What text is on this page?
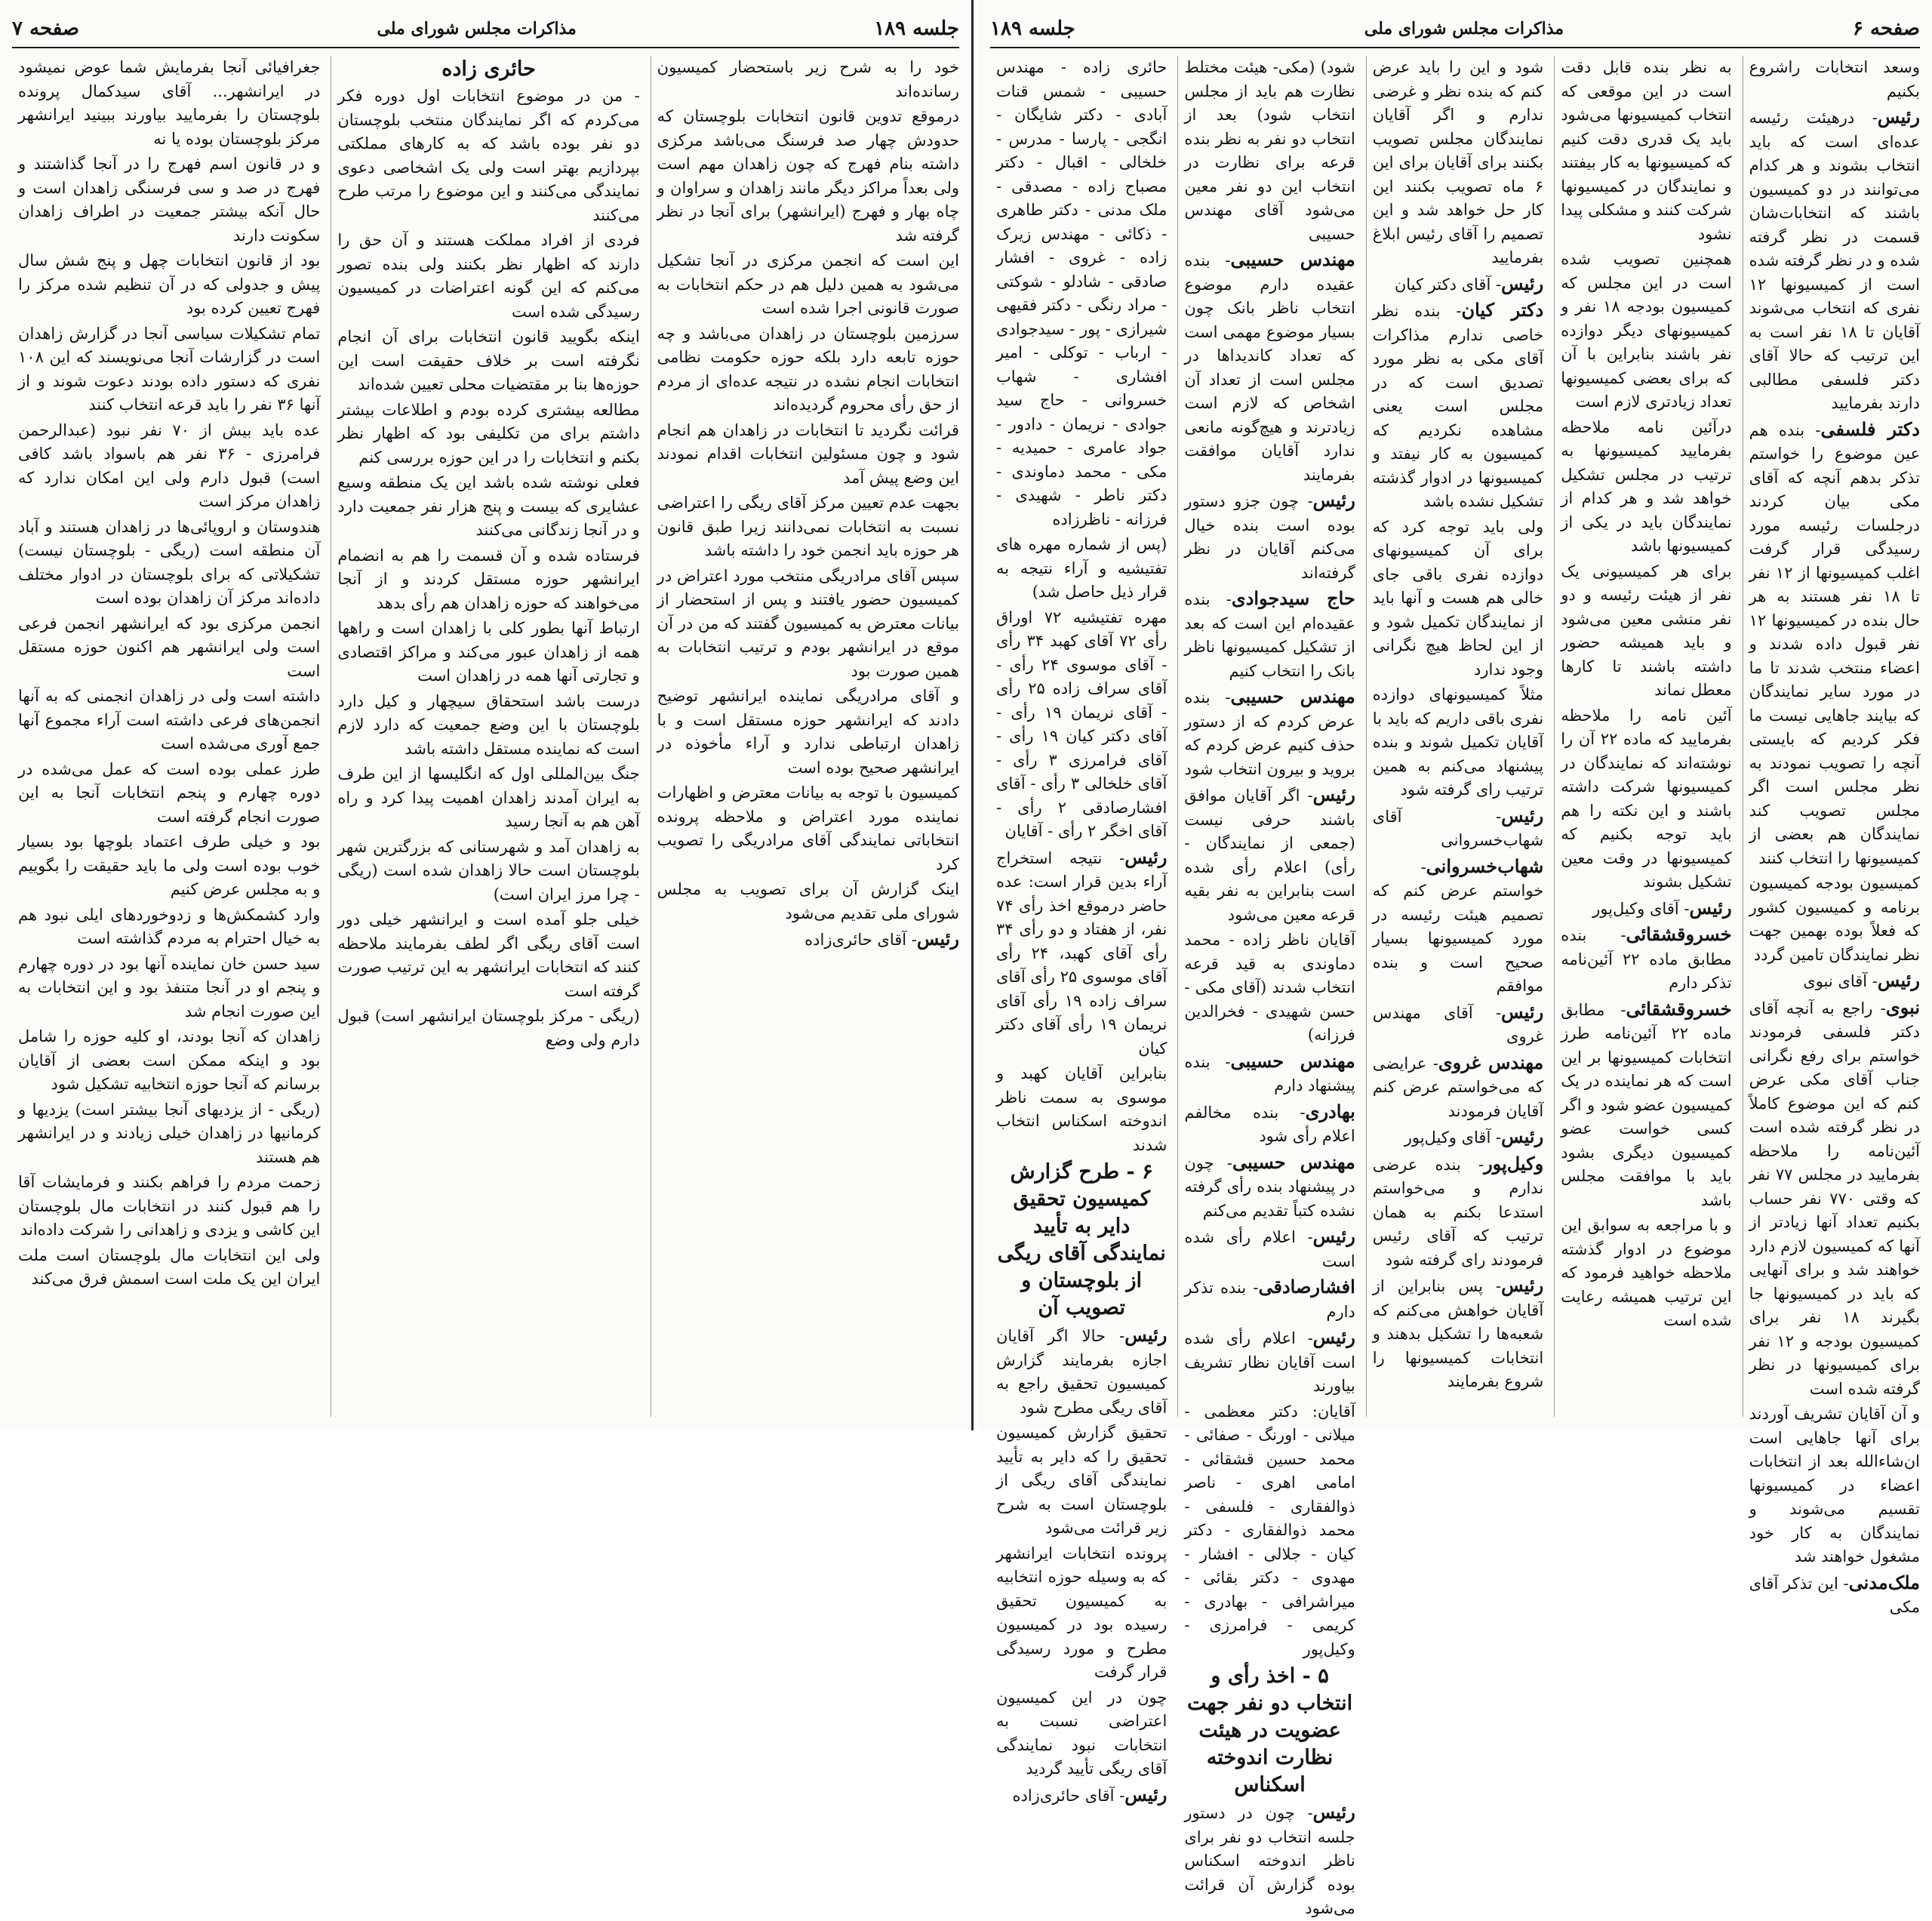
صفحه ۶
مذاکرات مجلس شورای ملی
جلسه ۱۸۹

وسعد انتخابات راشروع بکنیم

رئیس- درهیئت رئیسه عده‌ای است که باید انتخاب بشوند و هر کدام می‌توانند در دو کمیسیون باشند که انتخابات‌شان قسمت در نظر گرفته شده و در نظر گرفته شده است از کمیسیونها ۱۲ نفری که انتخاب می‌شوند آقایان تا ۱۸ نفر است به این ترتیب که حالا آقای دکتر فلسفی مطالبی دارند بفرمایید

دکتر فلسفی- بنده هم عین موضوع را خواستم تذکر بدهم آنچه که آقای مکی بیان کردند درجلسات رئیسه مورد رسیدگی قرار گرفت اغلب کمیسیونها از ۱۲ نفر تا ۱۸ نفر هستند به هر حال بنده در کمیسیونها ۱۲ نفر قبول داده شدند و اعضاء منتخب شدند تا ما در مورد سایر نمایندگان که بیایند جاهایی نیست ما فکر کردیم که بایستی آنچه را تصویب نمودند به نظر مجلس است اگر مجلس تصویب کند نمایندگان هم بعضی از کمیسیونها را انتخاب کنند

کمیسیون بودجه کمیسیون برنامه و کمیسیون کشور که فعلاً بوده بهمین جهت نظر نمایندگان تامین گردد

رئیس- آقای نبوی

نبوی- راجع به آنچه آقای دکتر فلسفی فرمودند خواستم برای رفع نگرانی جناب آقای مکی عرض کنم که این موضوع کاملاً در نظر گرفته شده است آئین‌نامه را ملاحظه بفرمایید در مجلس ۷۷ نفر که وقتی ۷۷۰ نفر حساب بکنیم تعداد آنها زیادتر از آنها که کمیسیون لازم دارد خواهند شد و برای آنهایی که باید در کمیسیونها جا بگیرند ۱۸ نفر برای کمیسیون بودجه و ۱۲ نفر برای کمیسیونها در نظر گرفته شده است

و آن آقایان تشریف آوردند برای آنها جاهایی است ان‌شاءالله بعد از انتخابات اعضاء در کمیسیونها تقسیم می‌شوند و نمایندگان به کار خود مشغول خواهند شد

ملک‌مدنی- این تذکر آقای مکی

به نظر بنده قابل دقت است در این موقعی که انتخاب کمیسیونها می‌شود باید یک قدری دقت کنیم که کمیسیونها به کار بیفتند و نمایندگان در کمیسیونها شرکت کنند و مشکلی پیدا نشود

همچنین تصویب شده است در این مجلس که کمیسیون بودجه ۱۸ نفر و کمیسیونهای دیگر دوازده نفر باشند بنابراین با آن که برای بعضی کمیسیونها تعداد زیادتری لازم است

درآئین نامه ملاحظه بفرمایید کمیسیونها به ترتیب در مجلس تشکیل خواهد شد و هر کدام از نمایندگان باید در یکی از کمیسیونها باشد

برای هر کمیسیونی یک نفر از هیئت رئیسه و دو نفر منشی معین می‌شود و باید همیشه حضور داشته باشند تا کارها معطل نماند

آئین نامه را ملاحظه بفرمایید که ماده ۲۲ آن را نوشته‌اند که نمایندگان در کمیسیونها شرکت داشته باشند و این نکته را هم باید توجه بکنیم که کمیسیونها در وقت معین تشکیل بشوند

رئیس- آقای وکیل‌پور

خسروقشقائی- بنده مطابق ماده ۲۲ آئین‌نامه تذکر دارم

خسروقشقائی- مطابق ماده ۲۲ آئین‌نامه طرز انتخابات کمیسیونها بر این است که هر نماینده در یک کمیسیون عضو شود و اگر کسی خواست عضو کمیسیون دیگری بشود باید با موافقت مجلس باشد

و با مراجعه به سوابق این موضوع در ادوار گذشته ملاحظه خواهید فرمود که این ترتیب همیشه رعایت شده است

شود و این را باید عرض کنم که بنده نظر و غرضی ندارم و اگر آقایان نمایندگان مجلس تصویب بکنند برای آقایان برای این ۶ ماه تصویب بکنند این کار حل خواهد شد و این تصمیم را آقای رئیس ابلاغ بفرمایید

رئیس- آقای دکتر کیان

دکتر کیان- بنده نظر خاصی ندارم مذاکرات آقای مکی به نظر مورد تصدیق است که در مجلس است یعنی مشاهده نکردیم که کمیسیون به کار نیفتد و کمیسیونها در ادوار گذشته تشکیل نشده باشد

ولی باید توجه کرد که برای آن کمیسیونهای دوازده نفری باقی جای خالی هم هست و آنها باید از نمایندگان تکمیل شود و از این لحاظ هیچ نگرانی وجود ندارد

مثلاً کمیسیونهای دوازده نفری باقی داریم که باید با آقایان تکمیل شوند و بنده پیشنهاد می‌کنم به همین ترتیب رای گرفته شود

رئیس- آقای شهاب‌خسروانی

شهاب‌خسروانی- خواستم عرض کنم که تصمیم هیئت رئیسه در مورد کمیسیونها بسیار صحیح است و بنده موافقم

رئیس- آقای مهندس غروی

مهندس غروی- عرایضی که می‌خواستم عرض کنم آقایان فرمودند

رئیس- آقای وکیل‌پور

وکیل‌پور- بنده عرضی ندارم و می‌خواستم استدعا بکنم به همان ترتیب که آقای رئیس فرمودند رای گرفته شود

رئیس- پس بنابراین از آقایان خواهش می‌کنم که شعبه‌ها را تشکیل بدهند و انتخابات کمیسیونها را شروع بفرمایند

شود) (مکی- هیئت مختلط نظارت هم باید از مجلس انتخاب شود) بعد از انتخاب دو نفر به نظر بنده قرعه برای نظارت در انتخاب این دو نفر معین می‌شود آقای مهندس حسیبی

مهندس حسیبی- بنده عقیده دارم موضوع انتخاب ناظر بانک چون بسیار موضوع مهمی است که تعداد کاندیداها در مجلس است از تعداد آن اشخاص که لازم است زیادترند و هیچ‌گونه مانعی ندارد آقایان موافقت بفرمایند

رئیس- چون جزو دستور بوده است بنده خیال می‌کنم آقایان در نظر گرفته‌اند

حاج سیدجوادی- بنده عقیده‌ام این است که بعد از تشکیل کمیسیونها ناظر بانک را انتخاب کنیم

مهندس حسیبی- بنده عرض کردم که از دستور حذف کنیم عرض کردم که بروید و بیرون انتخاب شود

رئیس- اگر آقایان موافق باشند حرفی نیست (جمعی از نمایندگان - رأی) اعلام رأی شده است بنابراین به نفر بقیه قرعه معین می‌شود

آقایان ناظر زاده - محمد دماوندی به قید قرعه انتخاب شدند (آقای مکی - حسن شهیدی - فخرالدین فرزانه)

مهندس حسیبی- بنده پیشنهاد دارم

بهادری- بنده مخالفم اعلام رأی شود

مهندس حسیبی- چون در پیشنهاد بنده رأی گرفته نشده کتباً تقدیم می‌کنم

رئیس- اعلام رأی شده است

افشارصادقی- بنده تذکر دارم

رئیس- اعلام رأی شده است آقایان نظار تشریف بیاورند

آقایان: دکتر معظمی - میلانی - اورنگ - صفائی - محمد حسین قشقائی - امامی اهری - ناصر ذوالفقاری - فلسفی - محمد ذوالفقاری - دکتر کیان - جلالی - افشار - مهدوی - دکتر بقائی - میراشرافی - بهادری - کریمی - فرامرزی - وکیل‌پور

۵ - اخذ رأی و انتخاب دو نفر جهت عضویت در هیئت نظارت اندوخته اسکناس

رئیس- چون در دستور جلسه انتخاب دو نفر برای ناظر اندوخته اسکناس بوده گزارش آن قرائت می‌شود

حائری زاده - مهندس حسیبی - شمس قنات آبادی - دکتر شایگان - انگجی - پارسا - مدرس - خلخالی - اقبال - دکتر مصباح زاده - مصدقی - ملک مدنی - دکتر طاهری - ذکائی - مهندس زیرک زاده - غروی - افشار صادقی - شادلو - شوکتی - مراد رنگی - دکتر فقیهی شیرازی - پور - سیدجوادی - ارباب - توکلی - امیر افشاری - شهاب خسروانی - حاج سید جوادی - نریمان - دادور - جواد عامری - حمیدیه - مکی - محمد دماوندی - دکتر ناطر - شهیدی - فرزانه - ناظرزاده

(پس از شماره مهره های تفتیشیه و آراء نتیجه به قرار ذیل حاصل شد)

مهره تفتیشیه ۷۲ اوراق رأی ۷۲ آقای کهبد ۳۴ رأی - آقای موسوی ۲۴ رأی - آقای سراف زاده ۲۵ رأی - آقای نریمان ۱۹ رأی - آقای دکتر کیان ۱۹ رأی - آقای فرامرزی ۳ رأی - آقای خلخالی ۳ رأی - آقای افشارصادقی ۲ رأی - آقای اخگر ۲ رأی - آقایان

رئیس- نتیجه استخراج آراء بدین قرار است: عده حاضر درموقع اخذ رأی ۷۴ نفر، از هفتاد و دو رأی ۳۴ رأی آقای کهبد، ۲۴ رأی آقای موسوی ۲۵ رأی آقای سراف زاده ۱۹ رأی آقای نریمان ۱۹ رأی آقای دکتر کیان

بنابراین آقایان کهبد و موسوی به سمت ناظر اندوخته اسکناس انتخاب شدند

۶ - طرح گزارش کمیسیون تحقیق دایر به تأیید نمایندگی آقای ریگی از بلوچستان و تصویب آن

رئیس- حالا اگر آقایان اجازه بفرمایند گزارش کمیسیون تحقیق راجع به آقای ریگی مطرح شود

تحقیق گزارش کمیسیون تحقیق را که دایر به تأیید نمایندگی آقای ریگی از بلوچستان است به شرح زیر قرائت می‌شود

پرونده انتخابات ایرانشهر که به وسیله حوزه انتخابیه به کمیسیون تحقیق رسیده بود در کمیسیون مطرح و مورد رسیدگی قرار گرفت

چون در این کمیسیون اعتراضی نسبت به انتخابات نبود نمایندگی آقای ریگی تأیید گردید

رئیس- آقای حائری‌زاده

جلسه ۱۸۹
مذاکرات مجلس شورای ملی
صفحه ۷

خود را به شرح زیر باستحضار کمیسیون رسانده‌اند

درموقع تدوین قانون انتخابات بلوچستان که حدودش چهار صد فرسنگ می‌باشد مرکزی داشته بنام فهرج که چون زاهدان مهم است ولی بعداً مراکز دیگر مانند زاهدان و سراوان و چاه بهار و فهرج (ایرانشهر) برای آنجا در نظر گرفته شد

این است که انجمن مرکزی در آنجا تشکیل می‌شود به همین دلیل هم در حکم انتخابات به صورت قانونی اجرا شده است

سرزمین بلوچستان در زاهدان می‌باشد و چه حوزه تابعه دارد بلکه حوزه حکومت نظامی انتخابات انجام نشده در نتیجه عده‌ای از مردم از حق رأی محروم گردیده‌اند

قرائت نگردید تا انتخابات در زاهدان هم انجام شود و چون مسئولین انتخابات اقدام نمودند این وضع پیش آمد

بجهت عدم تعیین مرکز آقای ریگی را اعتراضی نسبت به انتخابات نمی‌دانند زیرا طبق قانون هر حوزه باید انجمن خود را داشته باشد

سپس آقای مرادریگی منتخب مورد اعتراض در کمیسیون حضور یافتند و پس از استحضار از بیانات معترض به کمیسیون گفتند که من در آن موقع در ایرانشهر بودم و ترتیب انتخابات به همین صورت بود

و آقای مرادریگی نماینده ایرانشهر توضیح دادند که ایرانشهر حوزه مستقل است و با زاهدان ارتباطی ندارد و آراء مأخوذه در ایرانشهر صحیح بوده است

کمیسیون با توجه به بیانات معترض و اظهارات نماینده مورد اعتراض و ملاحظه پرونده انتخاباتی نمایندگی آقای مرادریگی را تصویب کرد

اینک گزارش آن برای تصویب به مجلس شورای ملی تقدیم می‌شود

رئیس- آقای حائری‌زاده

حائری زاده

- من در موضوع انتخابات اول دوره فکر می‌کردم که اگر نمایندگان منتخب بلوچستان دو نفر بوده باشد که به کارهای مملکتی بپردازیم بهتر است ولی یک اشخاصی دعوی نمایندگی می‌کنند و این موضوع را مرتب طرح می‌کنند

فردی از افراد مملکت هستند و آن حق را دارند که اظهار نظر بکنند ولی بنده تصور می‌کنم که این گونه اعتراضات در کمیسیون رسیدگی شده است

اینکه بگویید قانون انتخابات برای آن انجام نگرفته است بر خلاف حقیقت است این حوزه‌ها بنا بر مقتضیات محلی تعیین شده‌اند

مطالعه بیشتری کرده بودم و اطلاعات بیشتر داشتم برای من تکلیفی بود که اظهار نظر بکنم و انتخابات را در این حوزه بررسی کنم

فعلی نوشته شده باشد این یک منطقه وسیع عشایری که بیست و پنج هزار نفر جمعیت دارد و در آنجا زندگانی می‌کنند

فرستاده شده و آن قسمت را هم به انضمام ایرانشهر حوزه مستقل کردند و از آنجا می‌خواهند که حوزه زاهدان هم رأی بدهد

ارتباط آنها بطور کلی با زاهدان است و راهها همه از زاهدان عبور می‌کند و مراکز اقتصادی و تجارتی آنها همه در زاهدان است

درست باشد استحقاق سیچهار و کیل دارد بلوچستان با این وضع جمعیت که دارد لازم است که نماینده مستقل داشته باشد

جنگ بین‌المللی اول که انگلیسها از این طرف به ایران آمدند زاهدان اهمیت پیدا کرد و راه آهن هم به آنجا رسید

به زاهدان آمد و شهرستانی که بزرگترین شهر بلوچستان است حالا زاهدان شده است (ریگی - چرا مرز ایران است)

خیلی جلو آمده است و ایرانشهر خیلی دور است آقای ریگی اگر لطف بفرمایند ملاحظه کنند که انتخابات ایرانشهر به این ترتیب صورت گرفته است

(ریگی - مرکز بلوچستان ایرانشهر است) قبول دارم ولی وضع

جغرافیائی آنجا بفرمایش شما عوض نمیشود در ایرانشهر... آقای سیدکمال پرونده بلوچستان را بفرمایید بیاورند ببینید ایرانشهر مرکز بلوچستان بوده یا نه

و در قانون اسم فهرج را در آنجا گذاشتند و فهرج در صد و سی فرسنگی زاهدان است و حال آنکه بیشتر جمعیت در اطراف زاهدان سکونت دارند

بود از قانون انتخابات چهل و پنج شش سال پیش و جدولی که در آن تنظیم شده مرکز را فهرج تعیین کرده بود

تمام تشکیلات سیاسی آنجا در گزارش زاهدان است در گزارشات آنجا می‌نویسند که این ۱۰۸ نفری که دستور داده بودند دعوت شوند و از آنها ۳۶ نفر را باید قرعه انتخاب کنند

عده باید بیش از ۷۰ نفر نبود (عبدالرحمن فرامرزی - ۳۶ نفر هم باسواد باشد کافی است) قبول دارم ولی این امکان ندارد که زاهدان مرکز است

هندوستان و اروپائی‌ها در زاهدان هستند و آباد آن منطقه است (ریگی - بلوچستان نیست) تشکیلاتی که برای بلوچستان در ادوار مختلف داده‌اند مرکز آن زاهدان بوده است

انجمن مرکزی بود که ایرانشهر انجمن فرعی است ولی ایرانشهر هم اکنون حوزه مستقل است

داشته است ولی در زاهدان انجمنی که به آنها انجمن‌های فرعی داشته است آراء مجموع آنها جمع آوری می‌شده است

طرز عملی بوده است که عمل می‌شده در دوره چهارم و پنجم انتخابات آنجا به این صورت انجام گرفته است

بود و خیلی طرف اعتماد بلوچها بود بسیار خوب بوده است ولی ما باید حقیقت را بگوییم و به مجلس عرض کنیم

وارد کشمکش‌ها و زدوخوردهای ایلی نبود هم به خیال احترام به مردم گذاشته است

سید حسن خان نماینده آنها بود در دوره چهارم و پنجم او در آنجا متنفذ بود و این انتخابات به این صورت انجام شد

زاهدان که آنجا بودند، او کلیه حوزه را شامل بود و اینکه ممکن است بعضی از آقایان برسانم که آنجا حوزه انتخابیه تشکیل شود

(ریگی - از یزدیهای آنجا بیشتر است) یزدیها و کرمانیها در زاهدان خیلی زیادند و در ایرانشهر هم هستند

زحمت مردم را فراهم بکنند و فرمایشات آقا را هم قبول کنند در انتخابات مال بلوچستان این کاشی و یزدی و زاهدانی را شرکت داده‌اند

ولی این انتخابات مال بلوچستان است ملت ایران این یک ملت است اسمش فرق می‌کند
